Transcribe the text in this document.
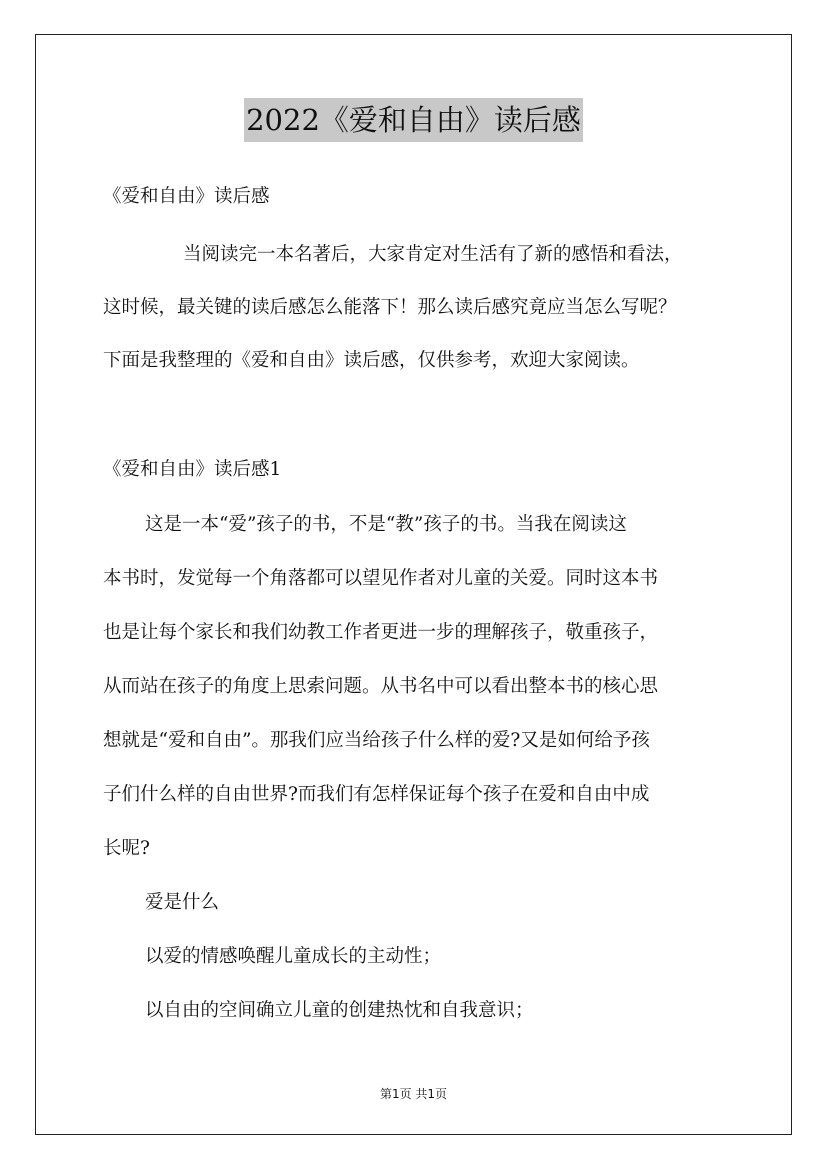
2022《爱和自由》读后感

《爱和自由》读后感

当阅读完一本名著后，大家肯定对生活有了新的感悟和看法，

这时候，最关键的读后感怎么能落下！那么读后感究竟应当怎么写呢？

下面是我整理的《爱和自由》读后感，仅供参考，欢迎大家阅读。

《爱和自由》读后感1

这是一本“爱”孩子的书，不是“教”孩子的书。当我在阅读这

本书时，发觉每一个角落都可以望见作者对儿童的关爱。同时这本书

也是让每个家长和我们幼教工作者更进一步的理解孩子，敬重孩子，

从而站在孩子的角度上思索问题。从书名中可以看出整本书的核心思

想就是“爱和自由”。那我们应当给孩子什么样的爱?又是如何给予孩

子们什么样的自由世界?而我们有怎样保证每个孩子在爱和自由中成

长呢?

爱是什么

以爱的情感唤醒儿童成长的主动性；

以自由的空间确立儿童的创建热忱和自我意识；

第1页 共1页
